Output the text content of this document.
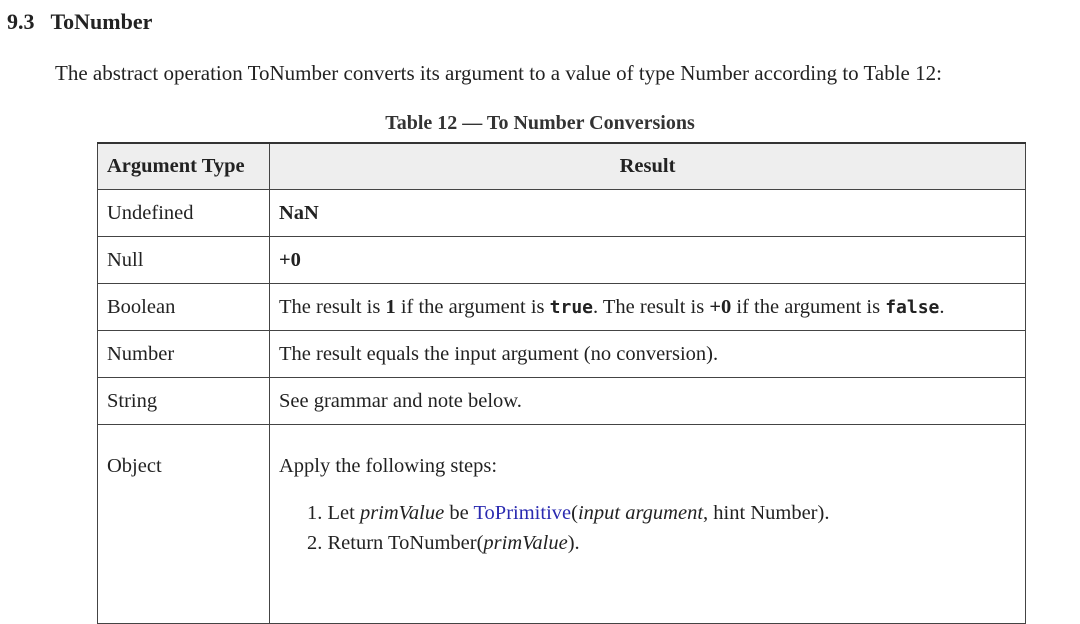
9.3 ToNumber
The abstract operation ToNumber converts its argument to a value of type Number according to Table 12:
Table 12 — To Number Conversions
Argument Type	Result
Undefined	NaN
Null	+0
Boolean	The result is 1 if the argument is true. The result is +0 if the argument is false.
Number	The result equals the input argument (no conversion).
String	See grammar and note below.
Object	Apply the following steps:
1. Let primValue be ToPrimitive(input argument, hint Number).
2. Return ToNumber(primValue).
